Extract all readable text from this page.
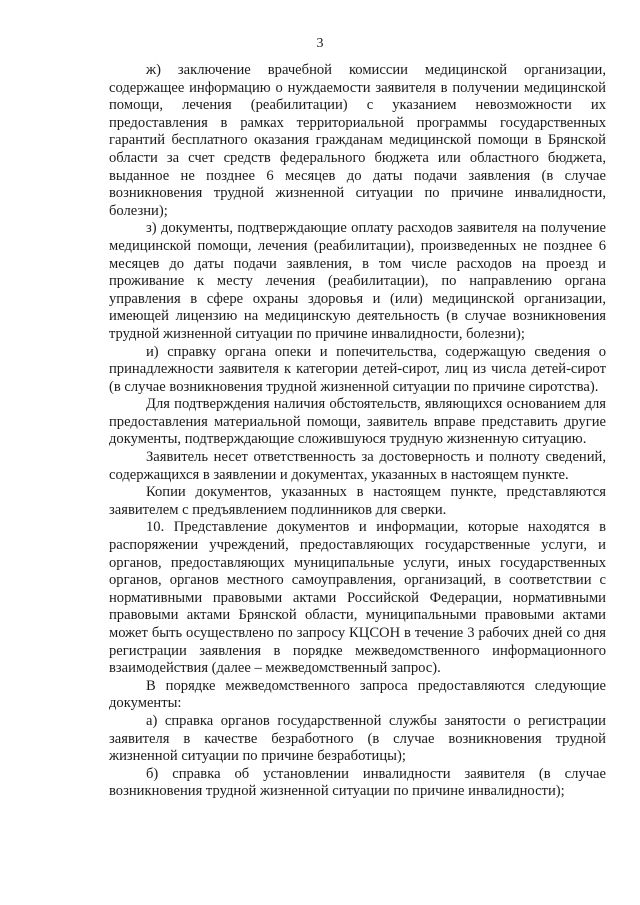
3

ж) заключение врачебной комиссии медицинской организации, содержащее информацию о нуждаемости заявителя в получении медицинской помощи, лечения (реабилитации) с указанием невозможности их предоставления в рамках территориальной программы государственных гарантий бесплатного оказания гражданам медицинской помощи в Брянской области за счет средств федерального бюджета или областного бюджета, выданное не позднее 6 месяцев до даты подачи заявления (в случае возникновения трудной жизненной ситуации по причине инвалидности, болезни);

з) документы, подтверждающие оплату расходов заявителя на получение медицинской помощи, лечения (реабилитации), произведенных не позднее 6 месяцев до даты подачи заявления, в том числе расходов на проезд и проживание к месту лечения (реабилитации), по направлению органа управления в сфере охраны здоровья и (или) медицинской организации, имеющей лицензию на медицинскую деятельность (в случае возникновения трудной жизненной ситуации по причине инвалидности, болезни);

и) справку органа опеки и попечительства, содержащую сведения о принадлежности заявителя к категории детей-сирот, лиц из числа детей-сирот (в случае возникновения трудной жизненной ситуации по причине сиротства).

Для подтверждения наличия обстоятельств, являющихся основанием для предоставления материальной помощи, заявитель вправе представить другие документы, подтверждающие сложившуюся трудную жизненную ситуацию.

Заявитель несет ответственность за достоверность и полноту сведений, содержащихся в заявлении и документах, указанных в настоящем пункте.

Копии документов, указанных в настоящем пункте, представляются заявителем с предъявлением подлинников для сверки.

10. Представление документов и информации, которые находятся в распоряжении учреждений, предоставляющих государственные услуги, и органов, предоставляющих муниципальные услуги, иных государственных органов, органов местного самоуправления, организаций, в соответствии с нормативными правовыми актами Российской Федерации, нормативными правовыми актами Брянской области, муниципальными правовыми актами может быть осуществлено по запросу КЦСОН в течение 3 рабочих дней со дня регистрации заявления в порядке межведомственного информационного взаимодействия (далее – межведомственный запрос).

В порядке межведомственного запроса предоставляются следующие документы:

а) справка органов государственной службы занятости о регистрации заявителя в качестве безработного (в случае возникновения трудной жизненной ситуации по причине безработицы);

б) справка об установлении инвалидности заявителя (в случае возникновения трудной жизненной ситуации по причине инвалидности);
